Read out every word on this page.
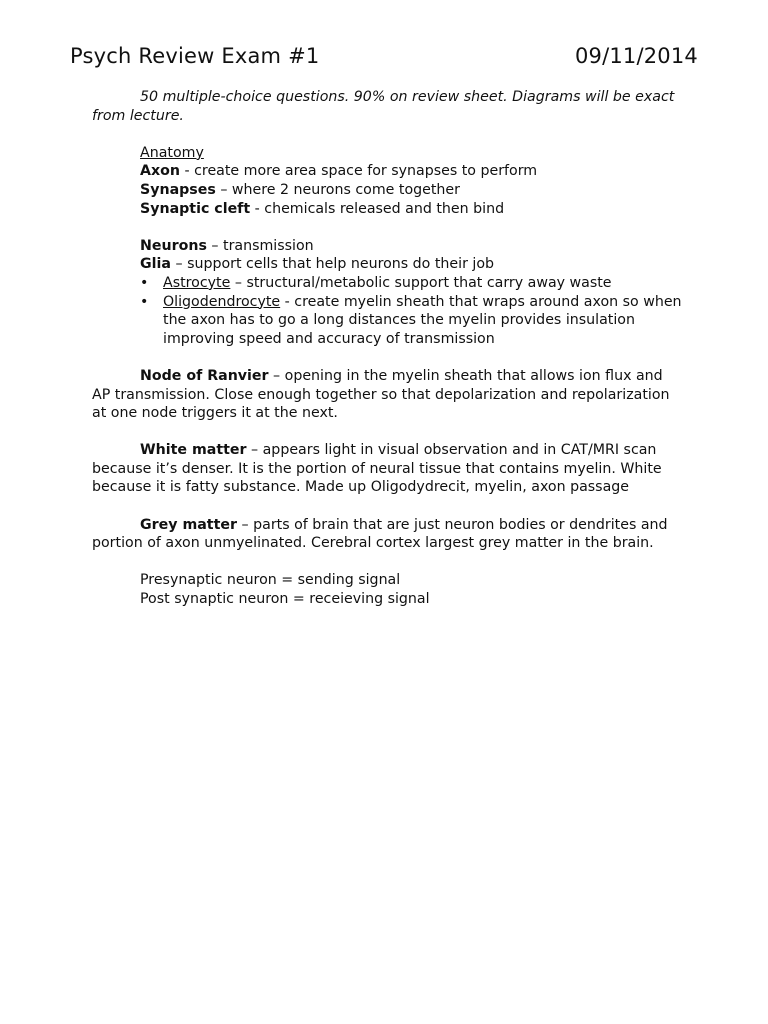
Psych Review Exam #1	09/11/2014

50 multiple-choice questions. 90% on review sheet. Diagrams will be exact from lecture.

Anatomy

Axon - create more area space for synapses to perform

Synapses – where 2 neurons come together

Synaptic cleft - chemicals released and then bind

Neurons – transmission

Glia – support cells that help neurons do their job

• Astrocyte – structural/metabolic support that carry away waste
• Oligodendrocyte - create myelin sheath that wraps around axon so when the axon has to go a long distances the myelin provides insulation improving speed and accuracy of transmission

Node of Ranvier – opening in the myelin sheath that allows ion flux and AP transmission. Close enough together so that depolarization and repolarization at one node triggers it at the next.

White matter – appears light in visual observation and in CAT/MRI scan because it’s denser. It is the portion of neural tissue that contains myelin. White because it is fatty substance. Made up Oligodydrecit, myelin, axon passage

Grey matter – parts of brain that are just neuron bodies or dendrites and portion of axon unmyelinated. Cerebral cortex largest grey matter in the brain.

Presynaptic neuron = sending signal

Post synaptic neuron = receieving signal
